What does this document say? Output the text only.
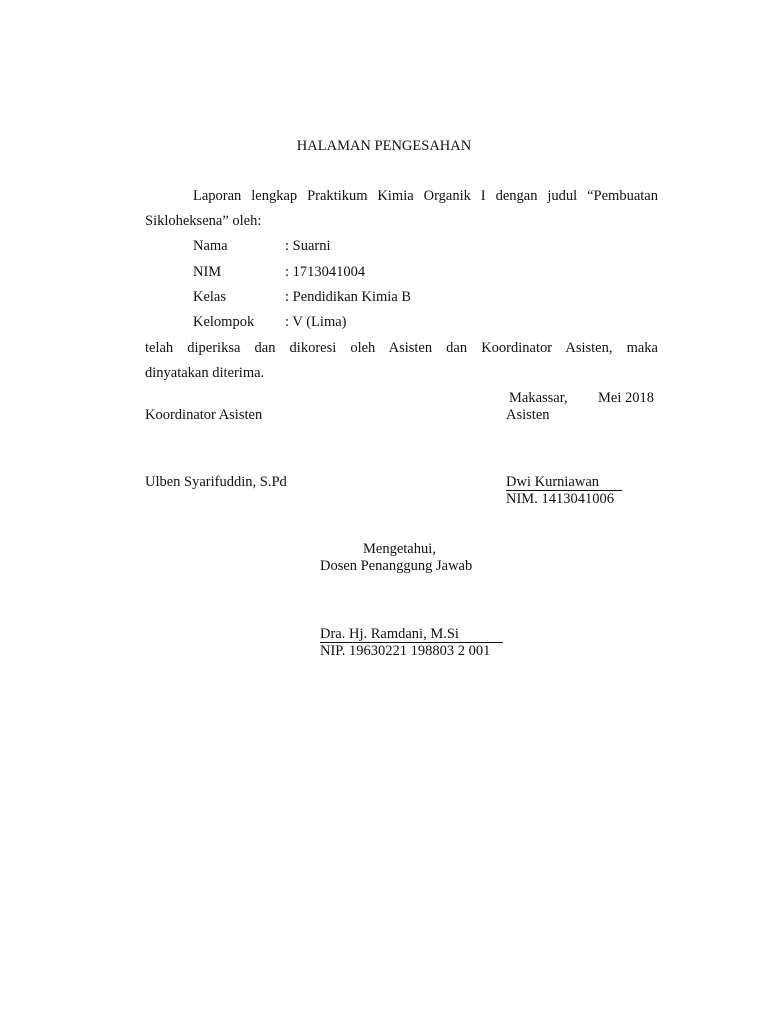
HALAMAN PENGESAHAN
Laporan lengkap Praktikum Kimia Organik I dengan judul “Pembuatan
Sikloheksena” oleh:
Nama	: Suarni
NIM	: 1713041004
Kelas	: Pendidikan Kimia B
Kelompok : V (Lima)
telah diperiksa dan dikoresi oleh Asisten dan Koordinator Asisten, maka
dinyatakan diterima.
Makassar, Mei 2018
Koordinator Asisten	Asisten
Ulben Syarifuddin, S.Pd	Dwi Kurniawan
NIM. 1413041006
Mengetahui,
Dosen Penanggung Jawab
Dra. Hj. Ramdani, M.Si
NIP. 19630221 198803 2 001
